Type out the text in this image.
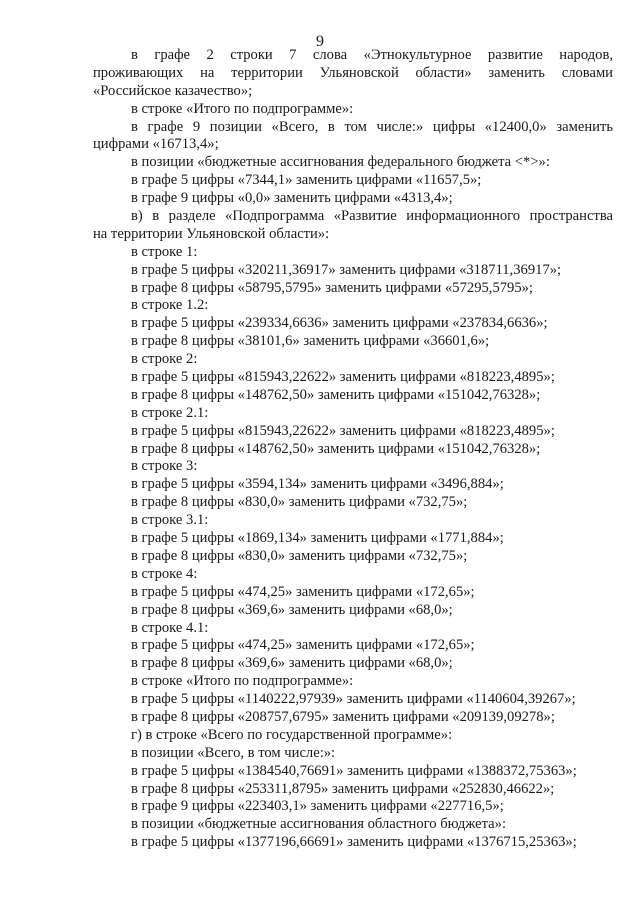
9
в графе 2 строки 7 слова «Этнокультурное развитие народов,
проживающих на территории Ульяновской области» заменить словами
«Российское казачество»;
в строке «Итого по подпрограмме»:
в графе 9 позиции «Всего, в том числе:» цифры «12400,0» заменить
цифрами «16713,4»;
в позиции «бюджетные ассигнования федерального бюджета <*>»:
в графе 5 цифры «7344,1» заменить цифрами «11657,5»;
в графе 9 цифры «0,0» заменить цифрами «4313,4»;
в) в разделе «Подпрограмма «Развитие информационного пространства
на территории Ульяновской области»:
в строке 1:
в графе 5 цифры «320211,36917» заменить цифрами «318711,36917»;
в графе 8 цифры «58795,5795» заменить цифрами «57295,5795»;
в строке 1.2:
в графе 5 цифры «239334,6636» заменить цифрами «237834,6636»;
в графе 8 цифры «38101,6» заменить цифрами «36601,6»;
в строке 2:
в графе 5 цифры «815943,22622» заменить цифрами «818223,4895»;
в графе 8 цифры «148762,50» заменить цифрами «151042,76328»;
в строке 2.1:
в графе 5 цифры «815943,22622» заменить цифрами «818223,4895»;
в графе 8 цифры «148762,50» заменить цифрами «151042,76328»;
в строке 3:
в графе 5 цифры «3594,134» заменить цифрами «3496,884»;
в графе 8 цифры «830,0» заменить цифрами «732,75»;
в строке 3.1:
в графе 5 цифры «1869,134» заменить цифрами «1771,884»;
в графе 8 цифры «830,0» заменить цифрами «732,75»;
в строке 4:
в графе 5 цифры «474,25» заменить цифрами «172,65»;
в графе 8 цифры «369,6» заменить цифрами «68,0»;
в строке 4.1:
в графе 5 цифры «474,25» заменить цифрами «172,65»;
в графе 8 цифры «369,6» заменить цифрами «68,0»;
в строке «Итого по подпрограмме»:
в графе 5 цифры «1140222,97939» заменить цифрами «1140604,39267»;
в графе 8 цифры «208757,6795» заменить цифрами «209139,09278»;
г) в строке «Всего по государственной программе»:
в позиции «Всего, в том числе:»:
в графе 5 цифры «1384540,76691» заменить цифрами «1388372,75363»;
в графе 8 цифры «253311,8795» заменить цифрами «252830,46622»;
в графе 9 цифры «223403,1» заменить цифрами «227716,5»;
в позиции «бюджетные ассигнования областного бюджета»:
в графе 5 цифры «1377196,66691» заменить цифрами «1376715,25363»;
